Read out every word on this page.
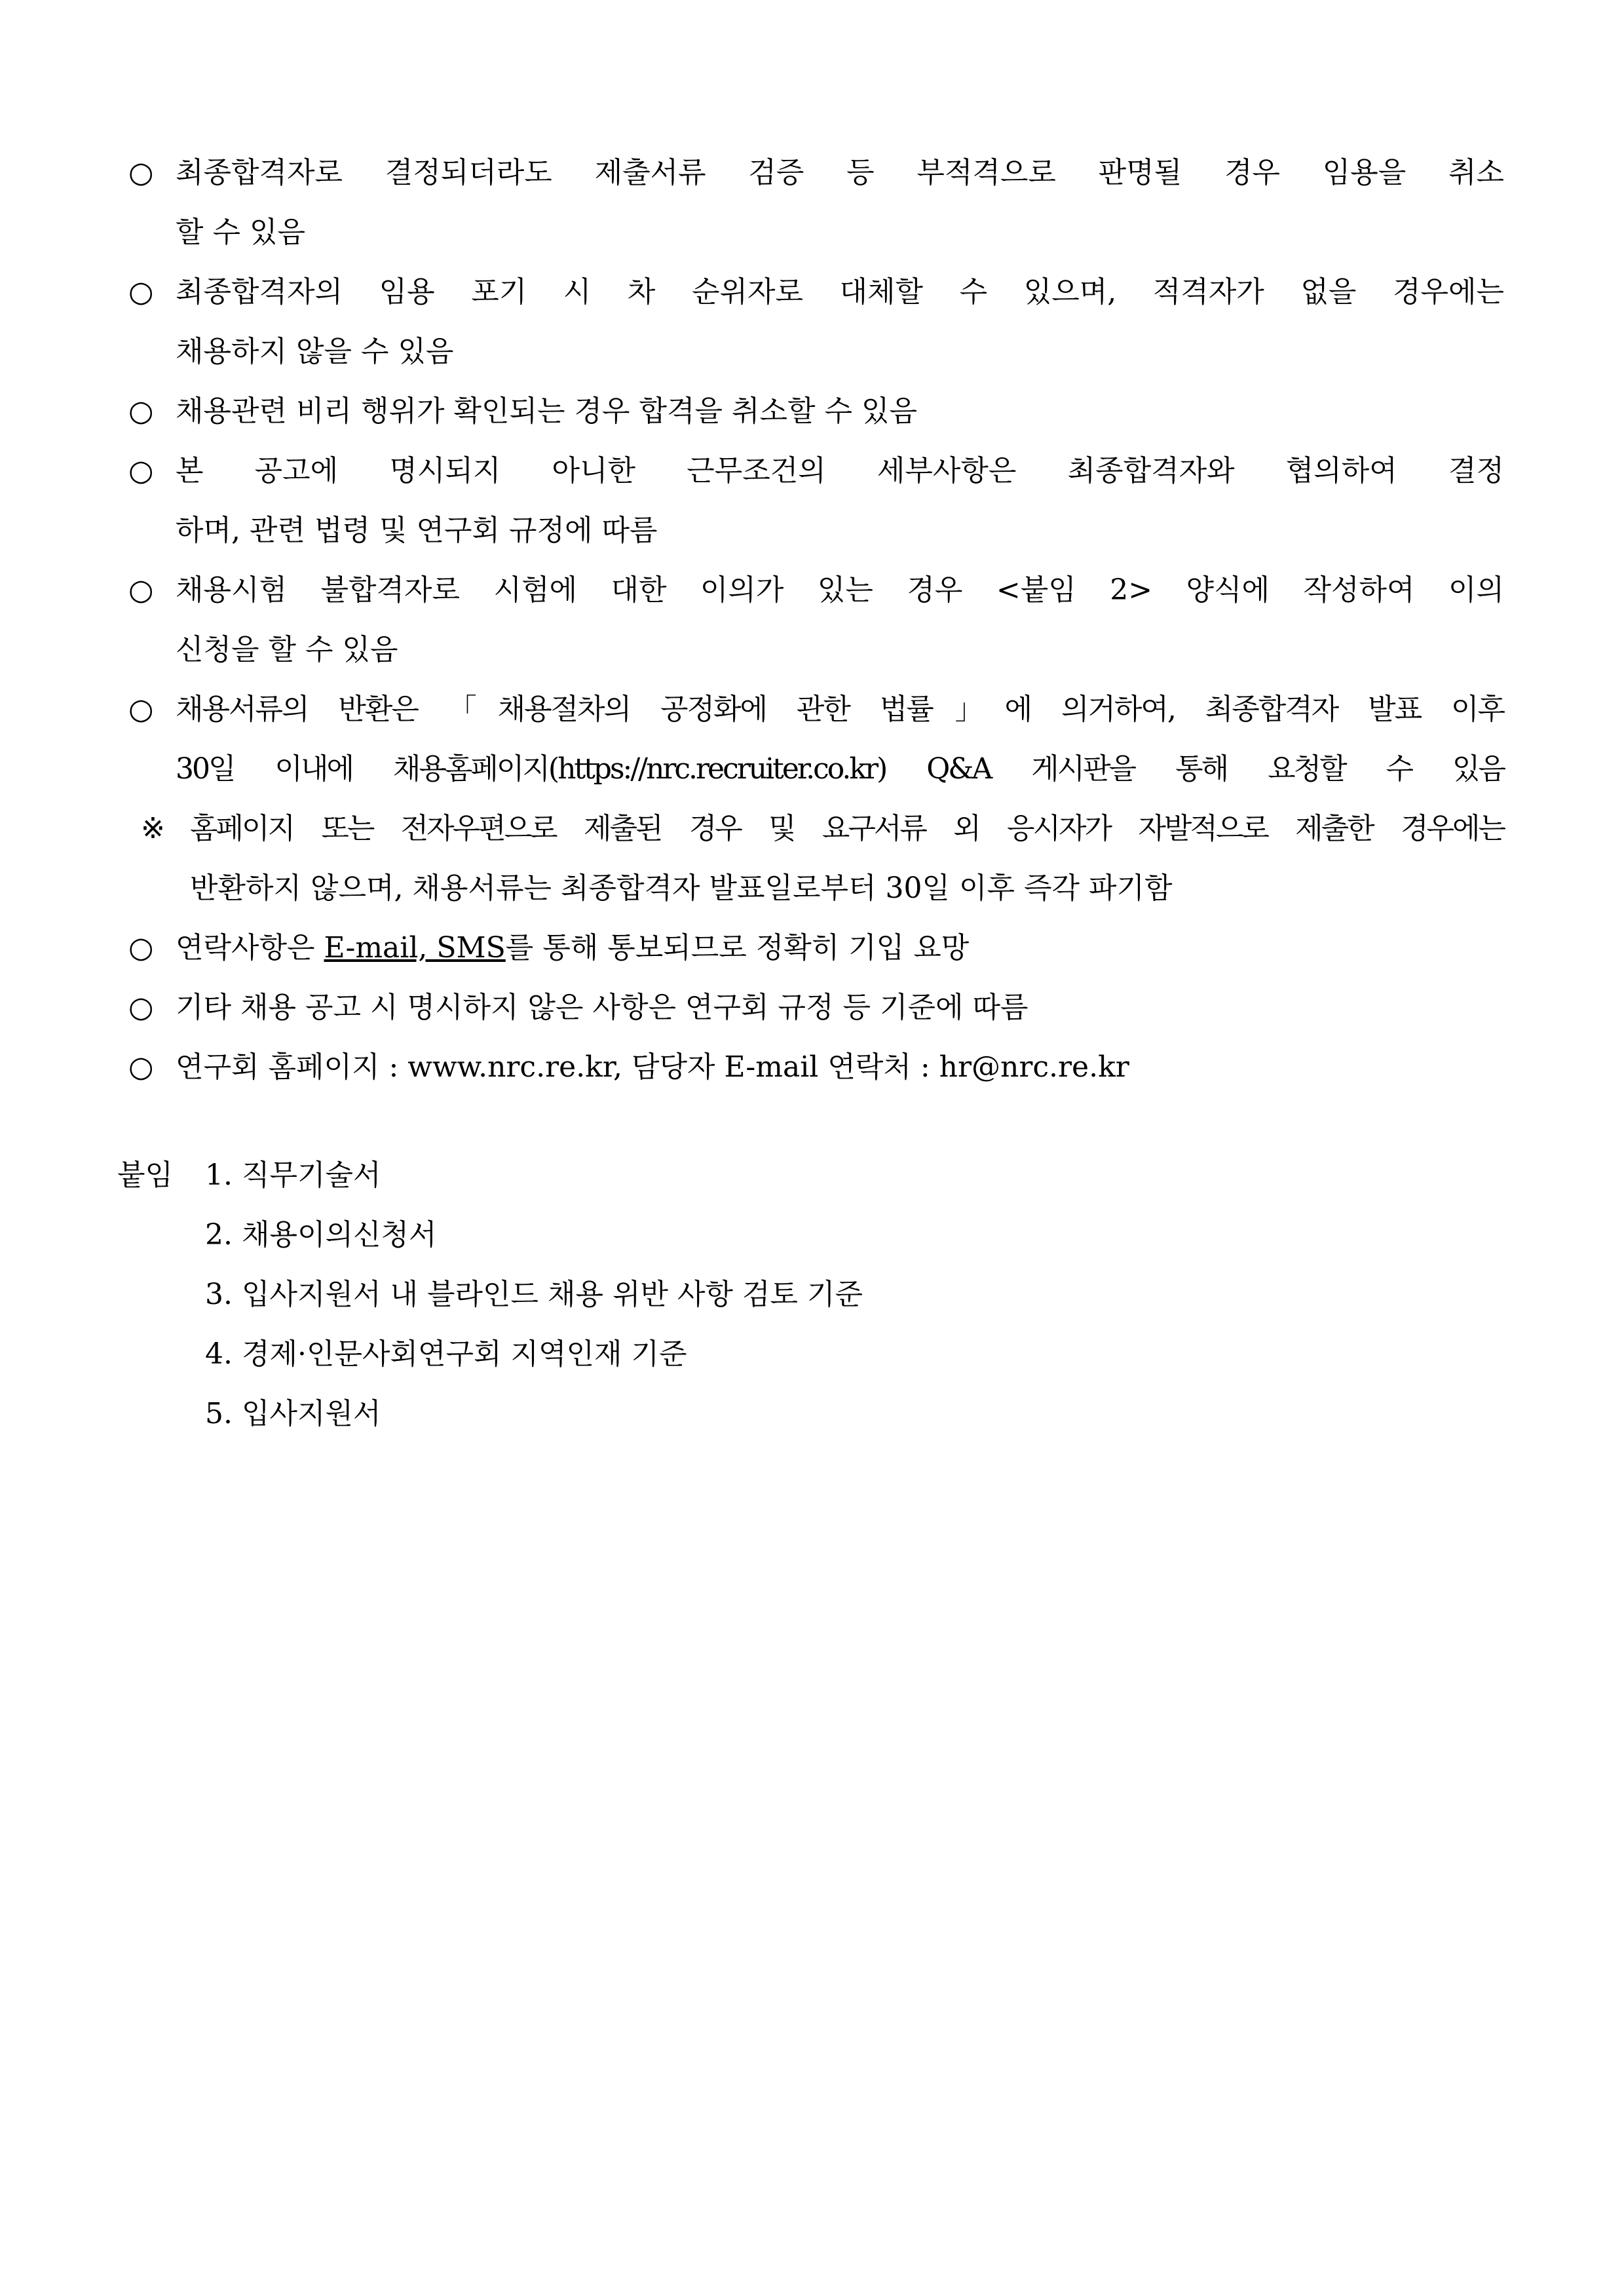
○ 최종합격자로 결정되더라도 제출서류 검증 등 부적격으로 판명될 경우 임용을 취소
할 수 있음
○ 최종합격자의 임용 포기 시 차 순위자로 대체할 수 있으며, 적격자가 없을 경우에는
채용하지 않을 수 있음
○ 채용관련 비리 행위가 확인되는 경우 합격을 취소할 수 있음
○ 본 공고에 명시되지 아니한 근무조건의 세부사항은 최종합격자와 협의하여 결정
하며, 관련 법령 및 연구회 규정에 따름
○ 채용시험 불합격자로 시험에 대한 이의가 있는 경우 <붙임 2> 양식에 작성하여 이의
신청을 할 수 있음
○ 채용서류의 반환은 「채용절차의 공정화에 관한 법률」에 의거하여, 최종합격자 발표 이후
30일 이내에 채용홈페이지(https://nrc.recruiter.co.kr) Q&A 게시판을 통해 요청할 수 있음
※ 홈페이지 또는 전자우편으로 제출된 경우 및 요구서류 외 응시자가 자발적으로 제출한 경우에는
반환하지 않으며, 채용서류는 최종합격자 발표일로부터 30일 이후 즉각 파기함
○ 연락사항은 E-mail, SMS를 통해 통보되므로 정확히 기입 요망
○ 기타 채용 공고 시 명시하지 않은 사항은 연구회 규정 등 기준에 따름
○ 연구회 홈페이지 : www.nrc.re.kr, 담당자 E-mail 연락처 : hr@nrc.re.kr
붙임 1. 직무기술서
2. 채용이의신청서
3. 입사지원서 내 블라인드 채용 위반 사항 검토 기준
4. 경제·인문사회연구회 지역인재 기준
5. 입사지원서
